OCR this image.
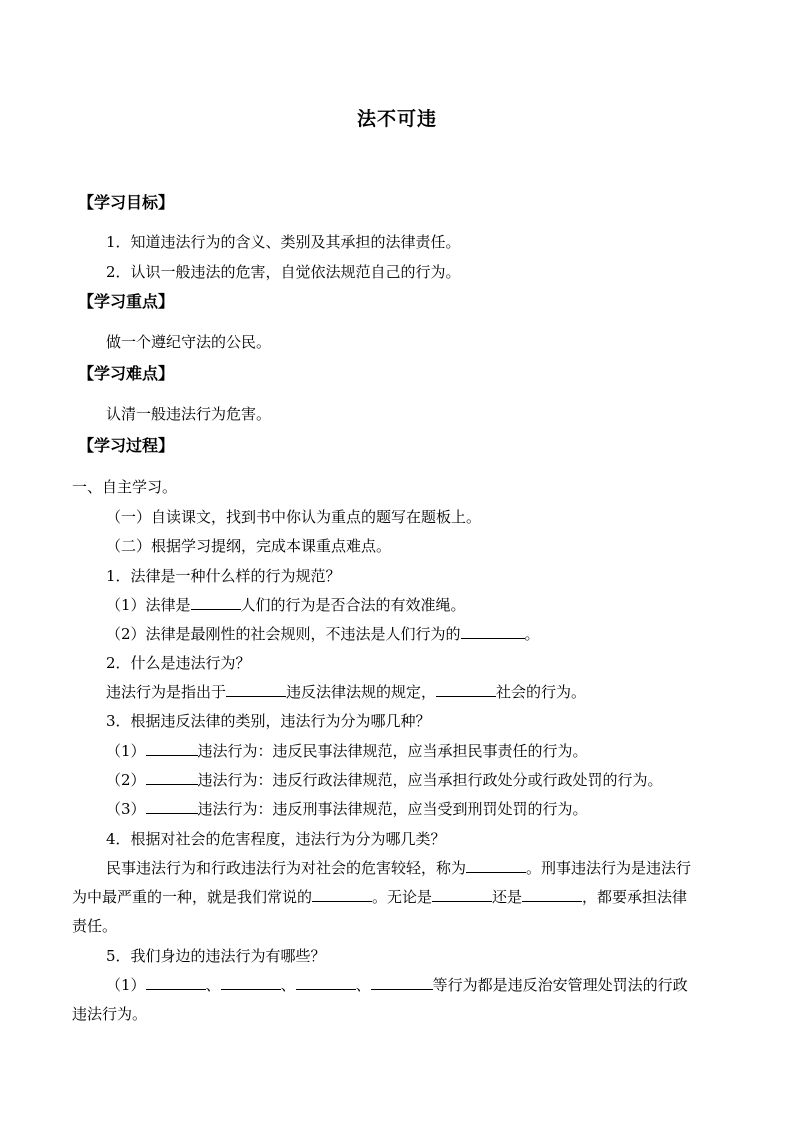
法不可违
【学习目标】
1．知道违法行为的含义、类别及其承担的法律责任。
2．认识一般违法的危害，自觉依法规范自己的行为。
【学习重点】
做一个遵纪守法的公民。
【学习难点】
认清一般违法行为危害。
【学习过程】
一、自主学习。
（一）自读课文，找到书中你认为重点的题写在题板上。
（二）根据学习提纲，完成本课重点难点。
1．法律是一种什么样的行为规范？
（1）法律是	人们的行为是否合法的有效准绳。
（2）法律是最刚性的社会规则，不违法是人们行为的	。
2．什么是违法行为？
违法行为是指出于	违反法律法规的规定，	社会的行为。
3．根据违反法律的类别，违法行为分为哪几种？
（1）	违法行为：违反民事法律规范，应当承担民事责任的行为。
（2）	违法行为：违反行政法律规范，应当承担行政处分或行政处罚的行为。
（3）	违法行为：违反刑事法律规范，应当受到刑罚处罚的行为。
4．根据对社会的危害程度，违法行为分为哪几类？
民事违法行为和行政违法行为对社会的危害较轻，称为	。刑事违法行为是违法行
为中最严重的一种，就是我们常说的	。无论是	还是	，都要承担法律
责任。
5．我们身边的违法行为有哪些？
（1）	、	、	、	等行为都是违反治安管理处罚法的行政
违法行为。
